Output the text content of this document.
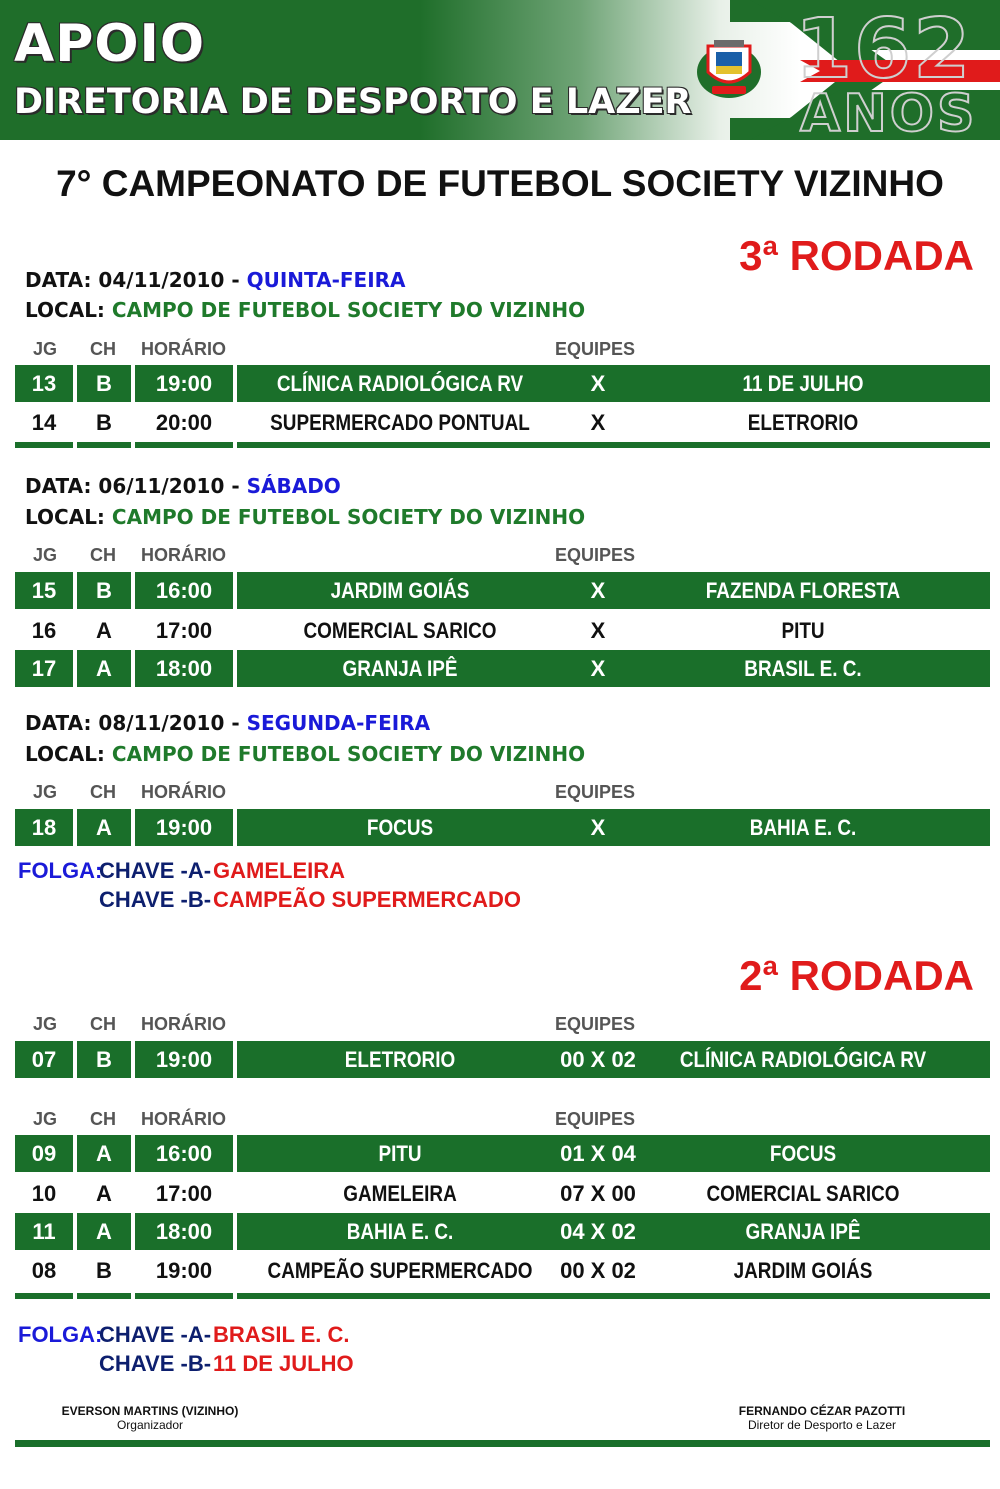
APOIO
DIRETORIA DE DESPORTO E LAZER
162
ANOS
7° CAMPEONATO DE FUTEBOL SOCIETY VIZINHO
3ª RODADA
DATA: 04/11/2010 - QUINTA-FEIRA
LOCAL: CAMPO DE FUTEBOL SOCIETY DO VIZINHO
JG CH HORÁRIO	EQUIPES
13	B	19:00	CLÍNICA RADIOLÓGICA RV	X	11 DE JULHO
14	B	20:00	SUPERMERCADO PONTUAL	X	ELETRORIO
DATA: 06/11/2010 - SÁBADO
LOCAL: CAMPO DE FUTEBOL SOCIETY DO VIZINHO
JG CH HORÁRIO	EQUIPES
15	B	16:00	JARDIM GOIÁS	X	FAZENDA FLORESTA
16	A	17:00	COMERCIAL SARICO	X	PITU
17	A	18:00	GRANJA IPÊ	X	BRASIL E. C.
DATA: 08/11/2010 - SEGUNDA-FEIRA
LOCAL: CAMPO DE FUTEBOL SOCIETY DO VIZINHO
JG CH HORÁRIO	EQUIPES
18	A	19:00	FOCUS	X	BAHIA E. C.
FOLGA:
CHAVE -A- GAMELEIRA
CHAVE -B- CAMPEÃO SUPERMERCADO
2ª RODADA
JG CH HORÁRIO	EQUIPES
07	B	19:00	ELETRORIO	00 X 02	CLÍNICA RADIOLÓGICA RV
JG CH HORÁRIO	EQUIPES
09	A	16:00	PITU	01 X 04	FOCUS
10	A	17:00	GAMELEIRA	07 X 00	COMERCIAL SARICO
11	A	18:00	BAHIA E. C.	04 X 02	GRANJA IPÊ
08	B	19:00	CAMPEÃO SUPERMERCADO	00 X 02	JARDIM GOIÁS
FOLGA:
CHAVE -A- BRASIL E. C.
CHAVE -B- 11 DE JULHO
EVERSON MARTINS (VIZINHO)
Organizador
FERNANDO CÉZAR PAZOTTI
Diretor de Desporto e Lazer
